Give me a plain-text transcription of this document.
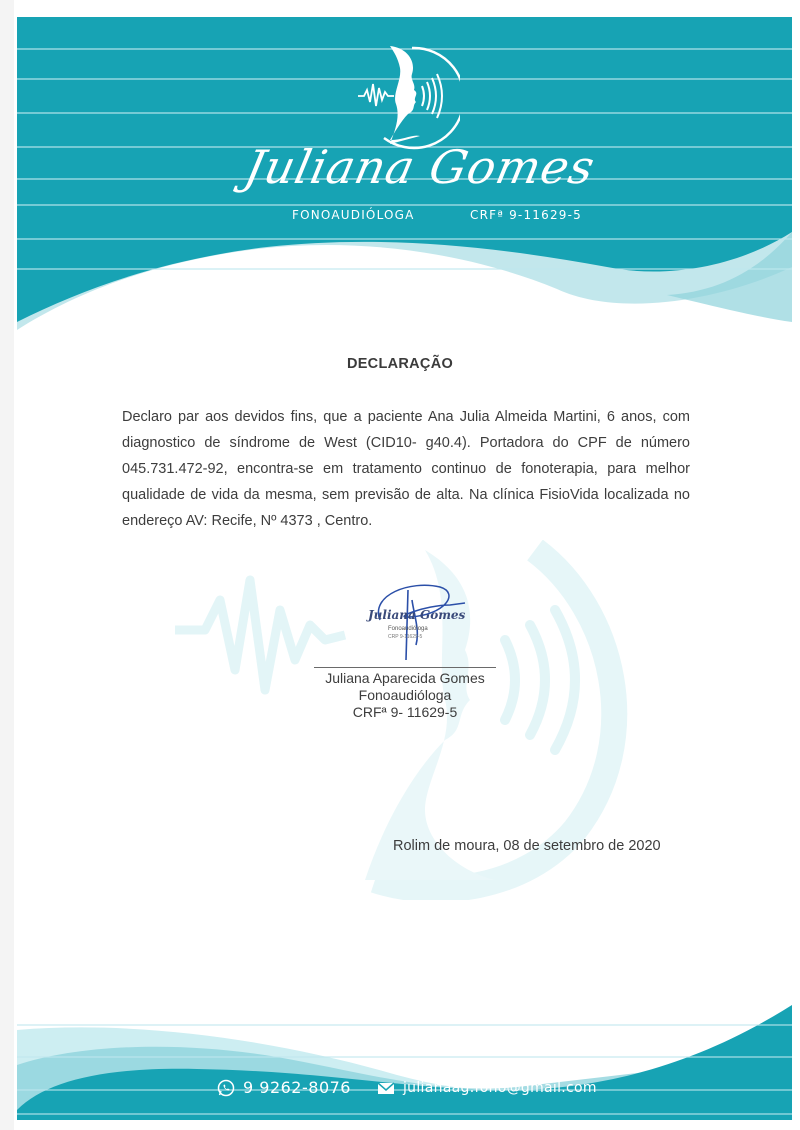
Juliana Gomes
FONOAUDIÓLOGA	CRFª 9-11629-5
DECLARAÇÃO

Declaro par aos devidos fins, que a paciente Ana Julia Almeida Martini, 6 anos, com diagnostico de síndrome de West (CID10- g40.4). Portadora do CPF de número 045.731.472-92, encontra-se em tratamento continuo de fonoterapia, para melhor qualidade de vida da mesma, sem previsão de alta. Na clínica FisioVida localizada no endereço AV: Recife, Nº 4373 , Centro.

Juliana Gomes
Fonoaudióloga
CRP 9-11629-5
Juliana Aparecida Gomes
Fonoaudióloga
CRFª 9- 11629-5
Rolim de moura, 08 de setembro de 2020
9 9262-8076	julianaag.fono@gmail.com
